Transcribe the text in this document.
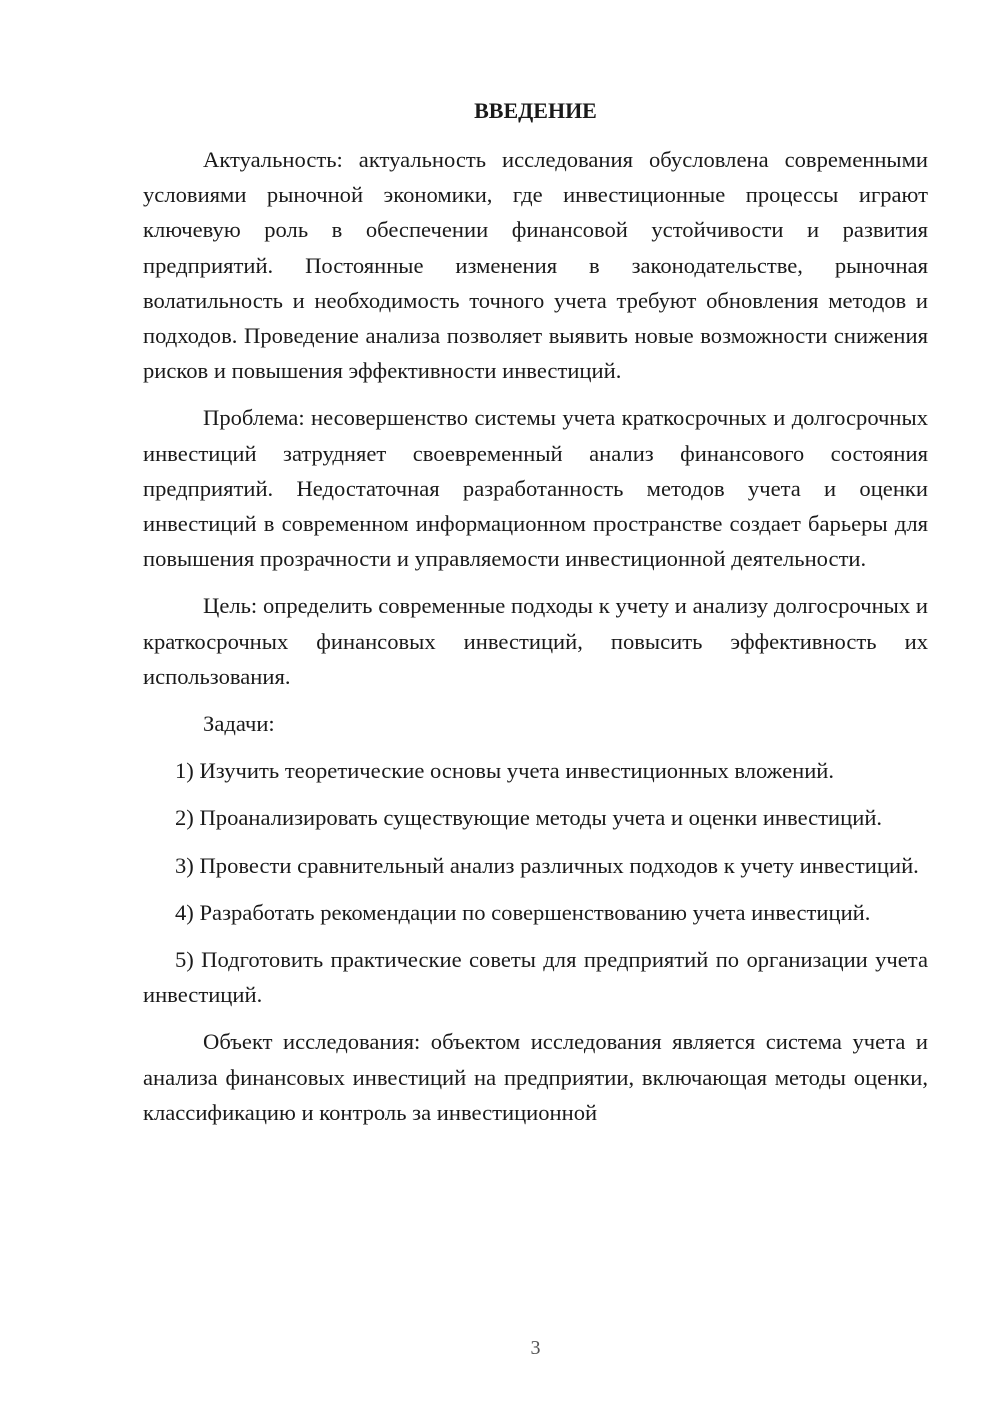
ВВЕДЕНИЕ

Актуальность: актуальность исследования обусловлена современными условиями рыночной экономики, где инвестиционные процессы играют ключевую роль в обеспечении финансовой устойчивости и развития предприятий. Постоянные изменения в законодательстве, рыночная волатильность и необходимость точного учета требуют обновления методов и подходов. Проведение анализа позволяет выявить новые возможности снижения рисков и повышения эффективности инвестиций.

Проблема: несовершенство системы учета краткосрочных и долгосрочных инвестиций затрудняет своевременный анализ финансового состояния предприятий. Недостаточная разработанность методов учета и оценки инвестиций в современном информационном пространстве создает барьеры для повышения прозрачности и управляемости инвестиционной деятельности.

Цель: определить современные подходы к учету и анализу долгосрочных и краткосрочных финансовых инвестиций, повысить эффективность их использования.

Задачи:

1) Изучить теоретические основы учета инвестиционных вложений.

2) Проанализировать существующие методы учета и оценки инвестиций.

3) Провести сравнительный анализ различных подходов к учету инвестиций.

4) Разработать рекомендации по совершенствованию учета инвестиций.

5) Подготовить практические советы для предприятий по организации учета инвестиций.

Объект исследования: объектом исследования является система учета и анализа финансовых инвестиций на предприятии, включающая методы оценки, классификацию и контроль за инвестиционной

3
